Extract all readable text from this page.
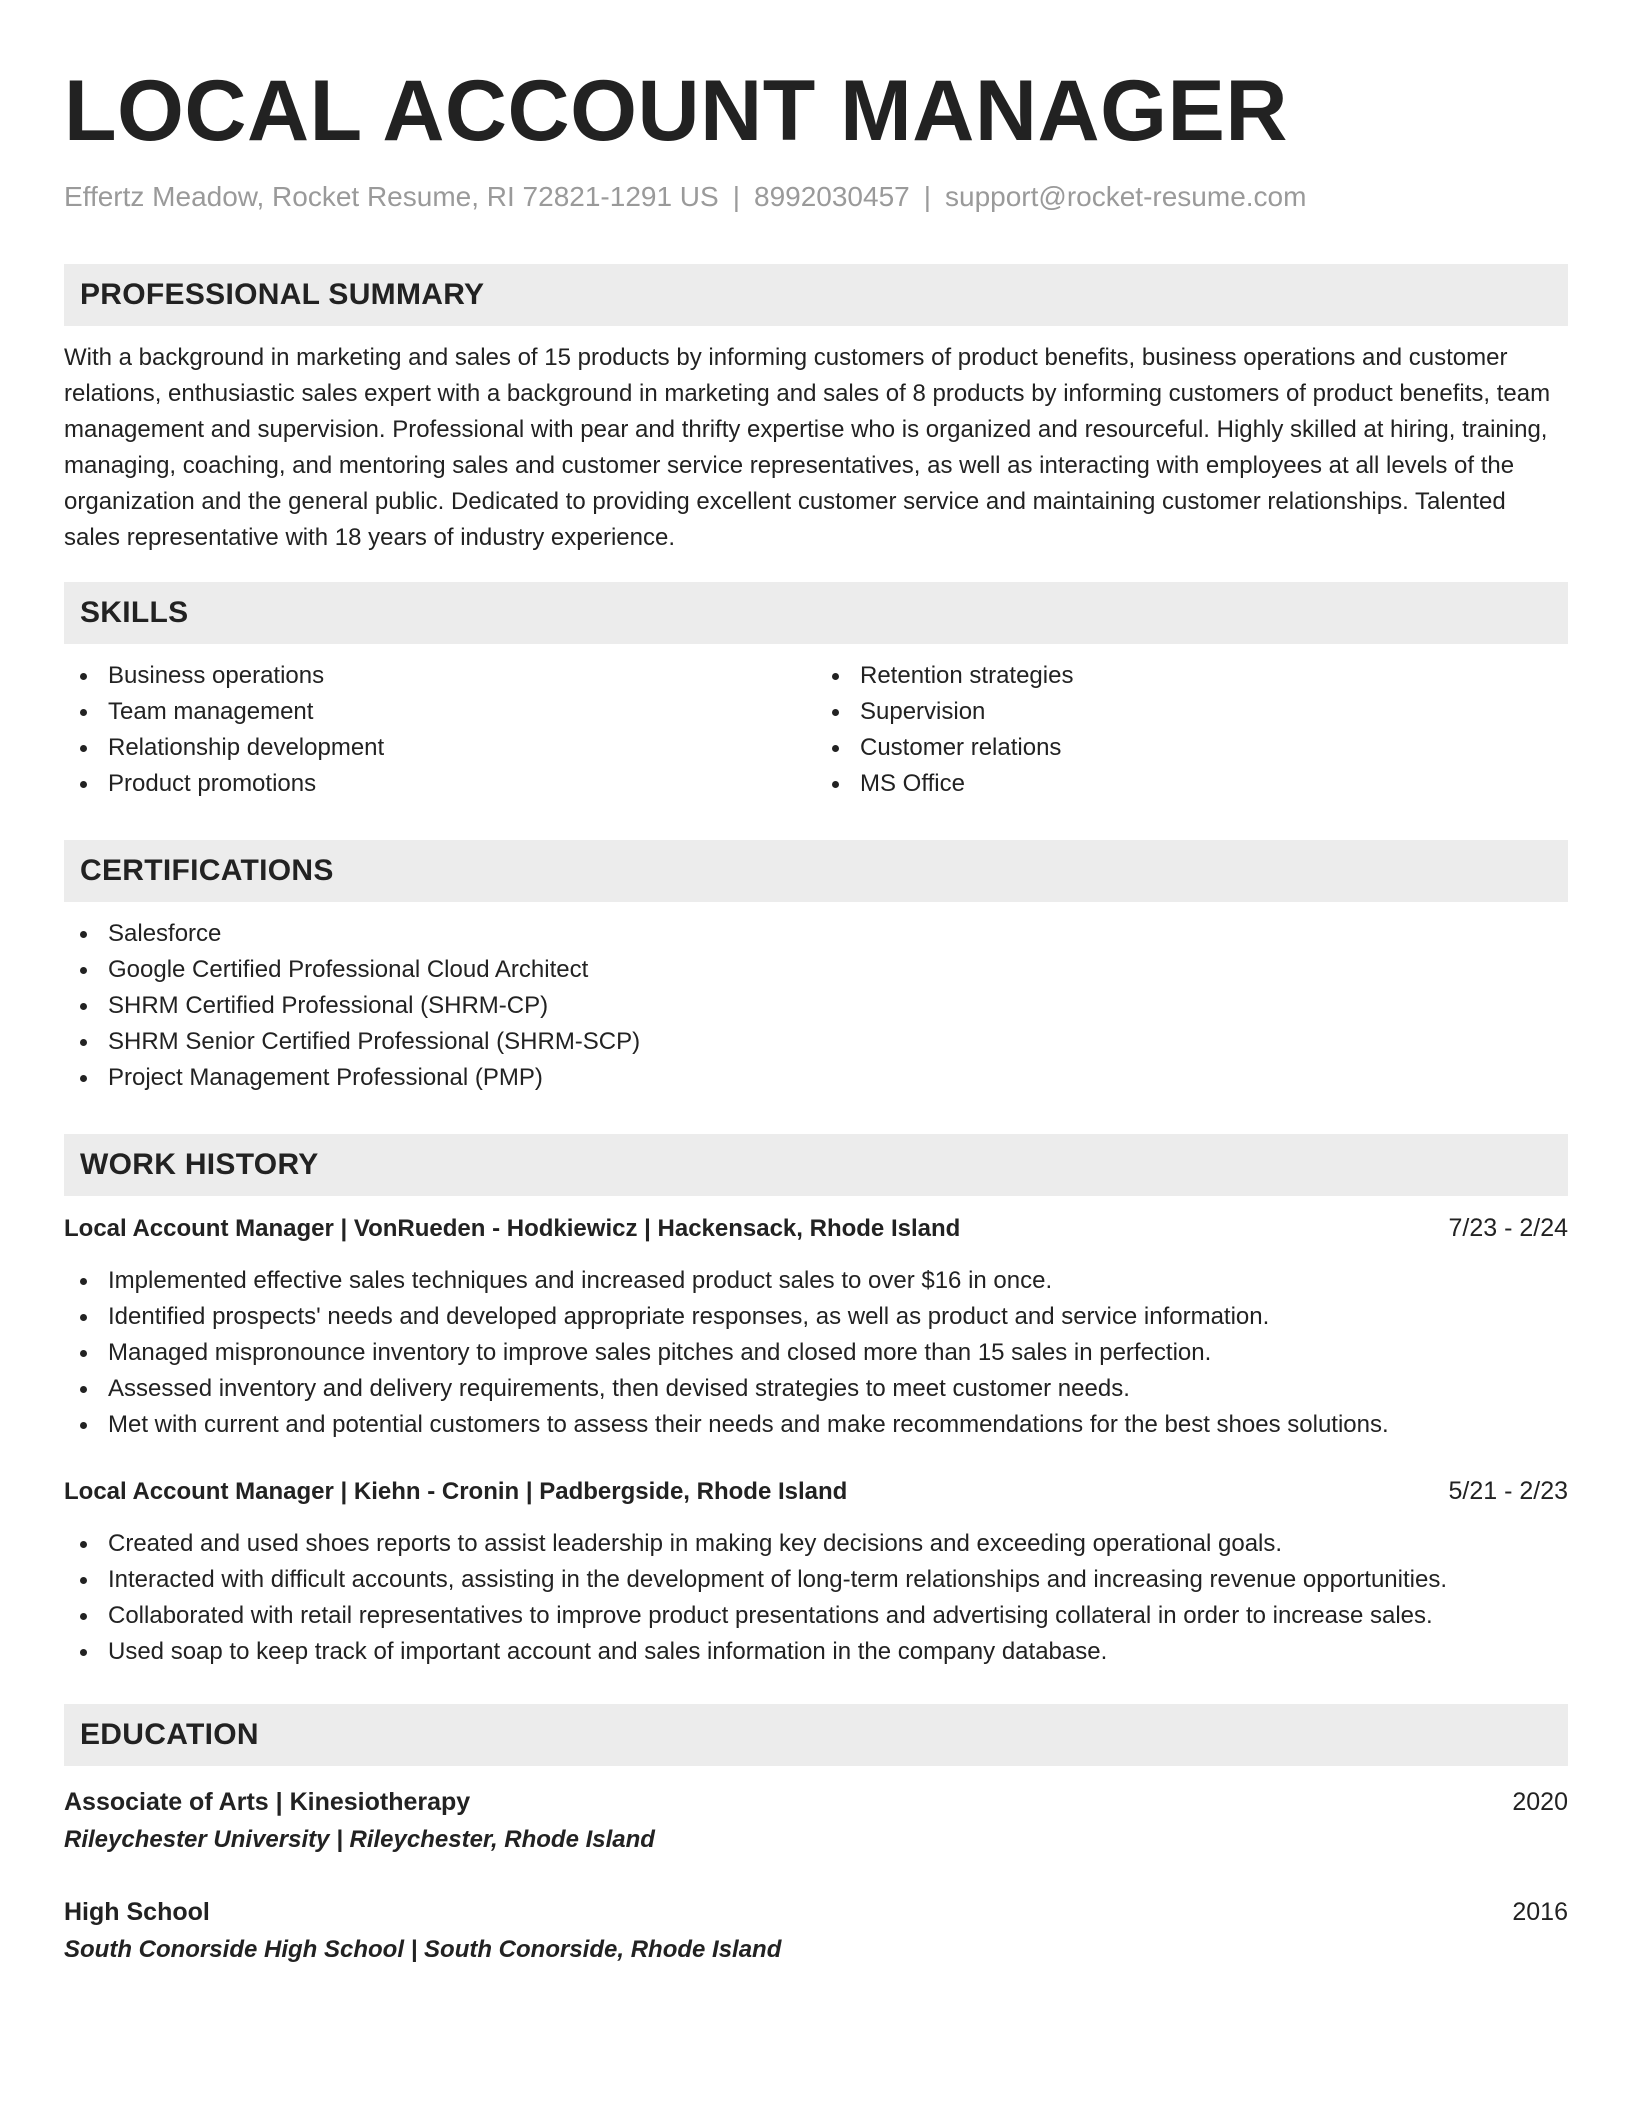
LOCAL ACCOUNT MANAGER
Effertz Meadow, Rocket Resume, RI 72821-1291 US | 8992030457 | support@rocket-resume.com
PROFESSIONAL SUMMARY

With a background in marketing and sales of 15 products by informing customers of product benefits, business operations and customer relations, enthusiastic sales expert with a background in marketing and sales of 8 products by informing customers of product benefits, team management and supervision. Professional with pear and thrifty expertise who is organized and resourceful. Highly skilled at hiring, training, managing, coaching, and mentoring sales and customer service representatives, as well as interacting with employees at all levels of the organization and the general public. Dedicated to providing excellent customer service and maintaining customer relationships. Talented sales representative with 18 years of industry experience.

SKILLS
Business operations
Team management
Relationship development
Product promotions
Retention strategies
Supervision
Customer relations
MS Office
CERTIFICATIONS
Salesforce
Google Certified Professional Cloud Architect
SHRM Certified Professional (SHRM-CP)
SHRM Senior Certified Professional (SHRM-SCP)
Project Management Professional (PMP)
WORK HISTORY
Local Account Manager | VonRueden - Hodkiewicz | Hackensack, Rhode Island	7/23 - 2/24
Implemented effective sales techniques and increased product sales to over $16 in once.
Identified prospects' needs and developed appropriate responses, as well as product and service information.
Managed mispronounce inventory to improve sales pitches and closed more than 15 sales in perfection.
Assessed inventory and delivery requirements, then devised strategies to meet customer needs.
Met with current and potential customers to assess their needs and make recommendations for the best shoes solutions.
Local Account Manager | Kiehn - Cronin | Padbergside, Rhode Island	5/21 - 2/23
Created and used shoes reports to assist leadership in making key decisions and exceeding operational goals.
Interacted with difficult accounts, assisting in the development of long-term relationships and increasing revenue opportunities.
Collaborated with retail representatives to improve product presentations and advertising collateral in order to increase sales.
Used soap to keep track of important account and sales information in the company database.
EDUCATION
Associate of Arts | Kinesiotherapy	2020
Rileychester University | Rileychester, Rhode Island
High School	2016
South Conorside High School | South Conorside, Rhode Island
